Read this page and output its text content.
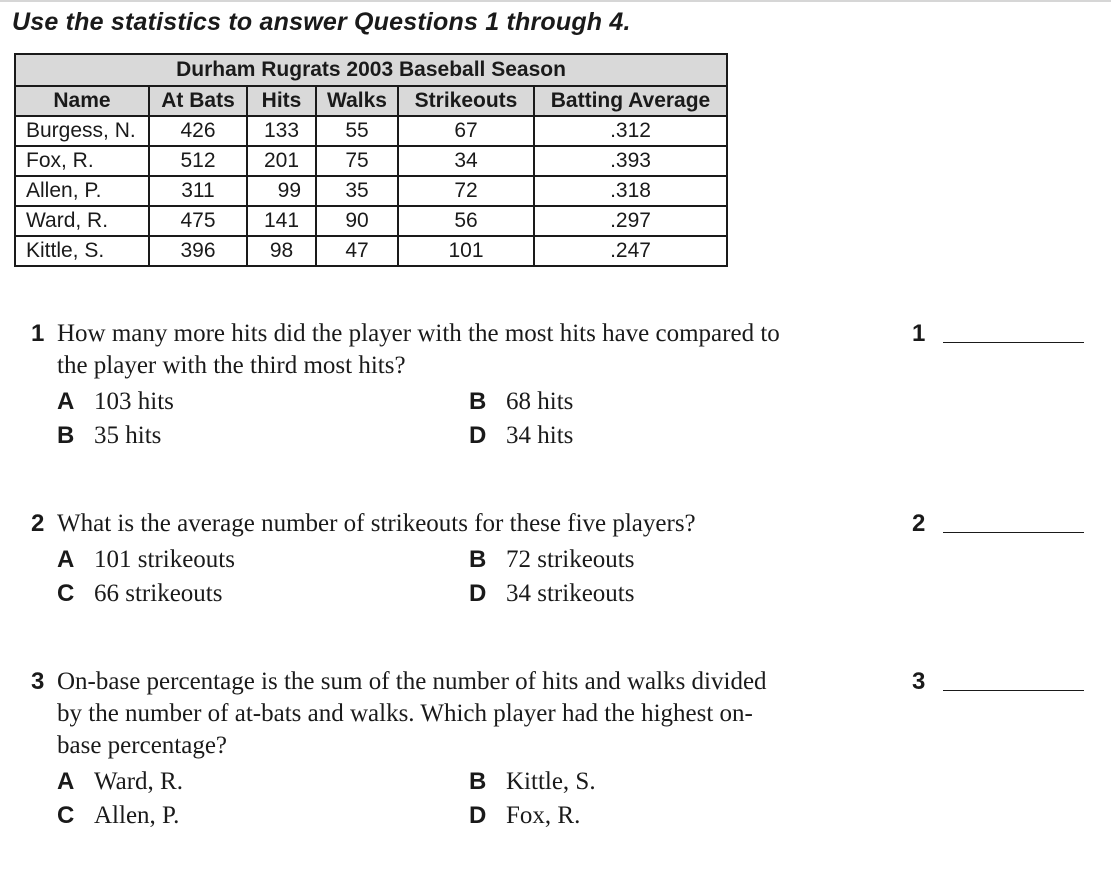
Use the statistics to answer Questions 1 through 4.
Durham Rugrats 2003 Baseball Season					
Name	At Bats	Hits	Walks	Strikeouts	Batting Average
Burgess, N.	426	133	55	67	.312
Fox, R.	512	201	75	34	.393
Allen, P.	311	99	35	72	.318
Ward, R.	475	141	90	56	.297
Kittle, S.	396	98	47	101	.247
1 How many more hits did the player with the most hits have compared to
the player with the third most hits?
A 103 hits	B 68 hits
B 35 hits	D 34 hits
1
2 What is the average number of strikeouts for these five players?
A 101 strikeouts	B 72 strikeouts
C 66 strikeouts	D 34 strikeouts
2
3 On-base percentage is the sum of the number of hits and walks divided
by the number of at-bats and walks. Which player had the highest on-
base percentage?
A Ward, R.	B Kittle, S.
C Allen, P.	D Fox, R.
3
